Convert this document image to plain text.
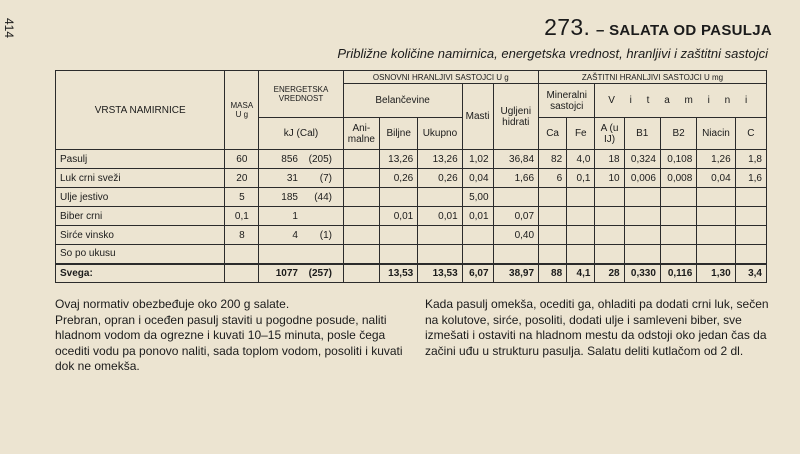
414	273. – SALATA OD PASULJA
Približne količine namirnica, energetska vrednost, hranljivi i zaštitni sastojci
VRSTA NAMIRNICE	MASA U g	ENERGETSKA VREDNOST	OSNOVNI HRANLJIVI SASTOJCI U g					ZAŠTITNI HRANLJIVI SASTOJCI U mg						
			Belančevine			Masti	Ugljeni hidrati	Mineralni sastojci		V i t a m i n i				
		kJ (Cal)	Ani- malne	Biljne	Ukupno			Ca	Fe	A (u IJ)	B1	B2	Niacin	C
Pasulj	60	856 (205)		13,26	13,26	1,02	36,84	82	4,0	18	0,324	0,108	1,26	1,8
Luk crni sveži	20	31 (7)		0,26	0,26	0,04	1,66	6	0,1	10	0,006	0,008	0,04	1,6
Ulje jestivo	5	185 (44)				5,00								
Biber crni	0,1	1		0,01	0,01	0,01	0,07							
Sirće vinsko	8	4 (1)					0,40							
So po ukusu														
Svega:		1077 (257)		13,53	13,53	6,07	38,97	88	4,1	28	0,330	0,116	1,30	3,4

Ovaj normativ obezbeđuje oko 200 g salate.

Prebran, opran i oceđen pasulj staviti u pogodne posude, naliti hladnom vodom da ogrezne i kuvati 10–15 minuta, posle čega ocediti vodu pa ponovo naliti, sada toplom vodom, posoliti i kuvati dok ne omekša.

Kada pasulj omekša, ocediti ga, ohladiti pa dodati crni luk, sečen na kolutove, sirće, posoliti, dodati ulje i samleveni biber, sve izmešati i ostaviti na hladnom mestu da odstoji oko jedan čas da začini uđu u strukturu pasulja. Salatu deliti kutlačom od 2 dl.
